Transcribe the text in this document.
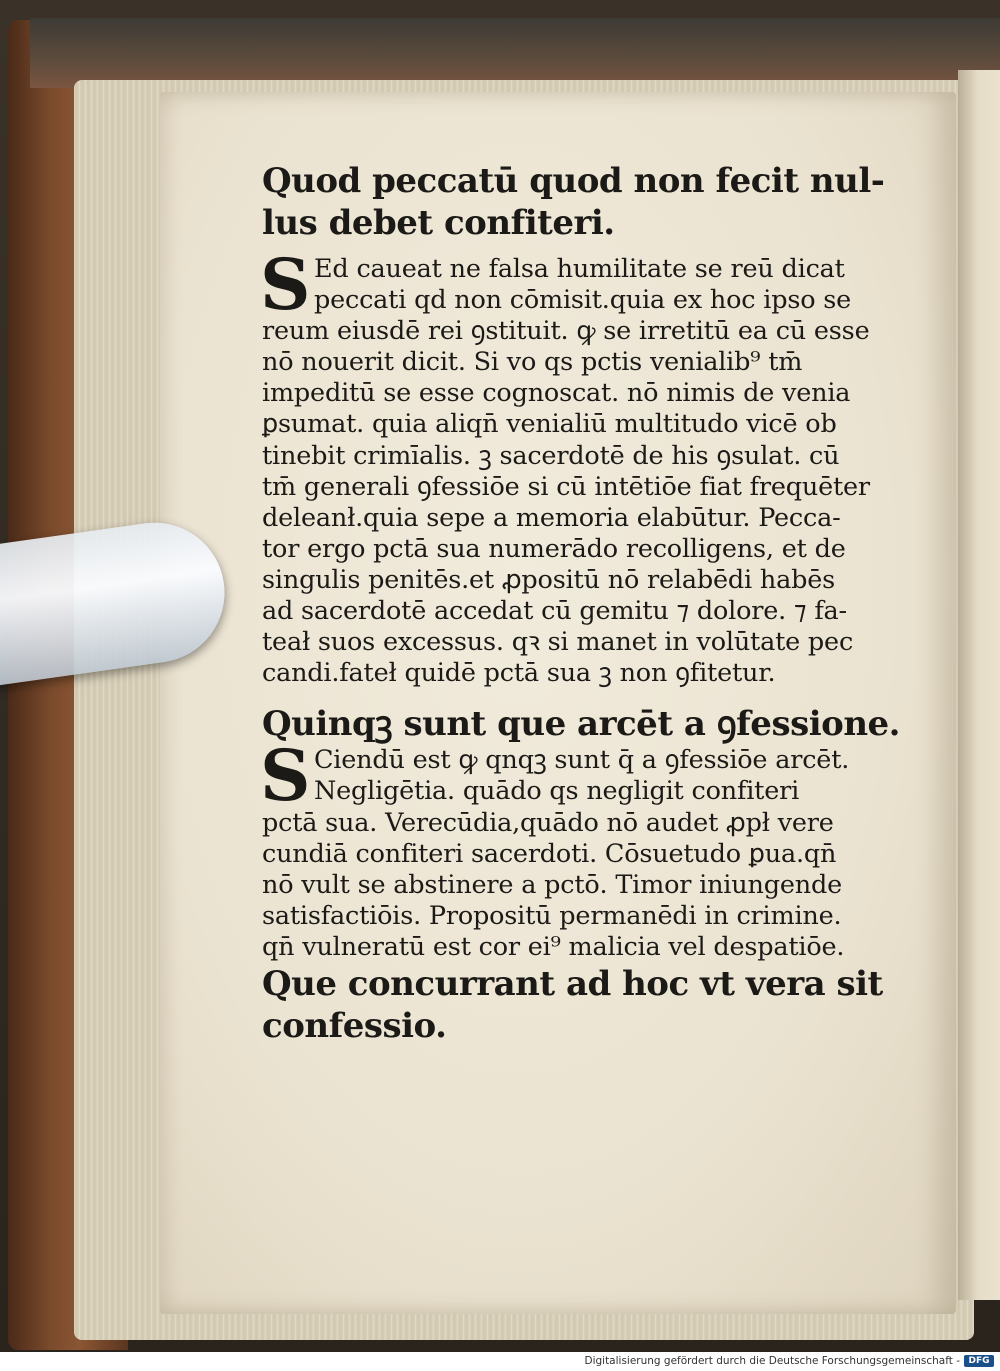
Quod peccatū quod non fecit nul‑
lus debet confiteri.
S Ed caueat ne falsa humilitate se reū dicat
peccati qd non cōmisit.quia ex hoc ipso se
reum eiusdē rei ꝯstituit. ꝙ se irretitū ea cū esse
nō nouerit dicit. Si vo qs pctis venialib⁹ tm̄
impeditū se esse cognoscat. nō nimis de venia
ꝑsumat. quia aliqn̄ venialiū multitudo vicē ob
tinebit crimīalis. ꝫ sacerdotē de his ꝯsulat. cū
tm̄ generali ꝯfessiōe si cū intētiōe fiat frequēter
deleanł.quia sepe a memoria elabūtur. Pecca‑
tor ergo pctā sua numerādo recolligens, et de
singulis penitēs.et ꝓpositū nō relabēdi habēs
ad sacerdotē accedat cū gemitu ⁊ dolore. ⁊ fa‑
teał suos excessus. qꝛ si manet in volūtate pec
candi.fateł quidē pctā sua ꝫ non ꝯfitetur.
Quinqꝫ sunt que arcēt a ꝯfessione.
S Ciendū est ꝙ qnqꝫ sunt q̄ a ꝯfessiōe arcēt.
Negligētia. quādo qs negligit confiteri
pctā sua. Verecūdia,quādo nō audet ꝓpł vere
cundiā confiteri sacerdoti. Cōsuetudo ꝑua.qn̄
nō vult se abstinere a pctō. Timor iniungende
satisfactiōis. Propositū permanēdi in crimine.
qn̄ vulneratū est cor ei⁹ malicia vel despatiōe.
Que concurrant ad hoc vt vera sit
confessio.
Digitalisierung gefördert durch die Deutsche Forschungsgemeinschaft - DFG
